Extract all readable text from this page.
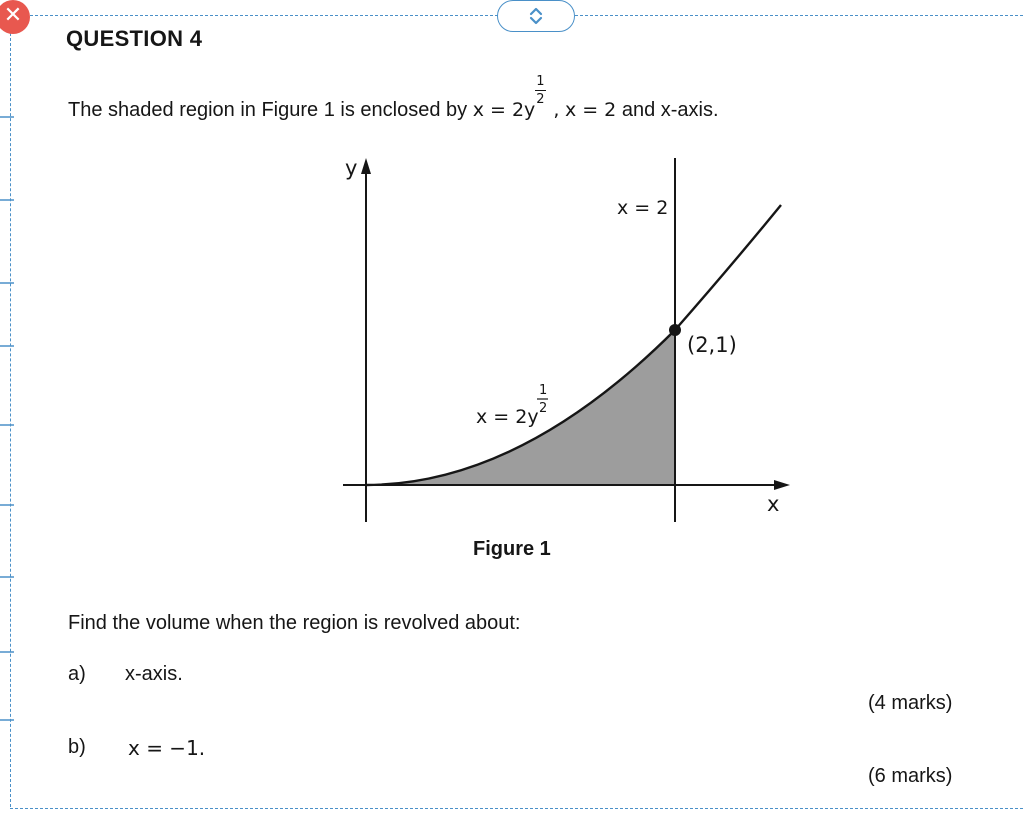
✕
QUESTION 4
The shaded region in Figure 1 is enclosed by $x = 2y \frac{1}{2}$ , x = 2 and x-axis.
y
x
x = 2
(2,1)
x = 2y
1
2
Figure 1
Find the volume when the region is revolved about:
a) x-axis.
(4 marks)
b) x = −1.
(6 marks)
